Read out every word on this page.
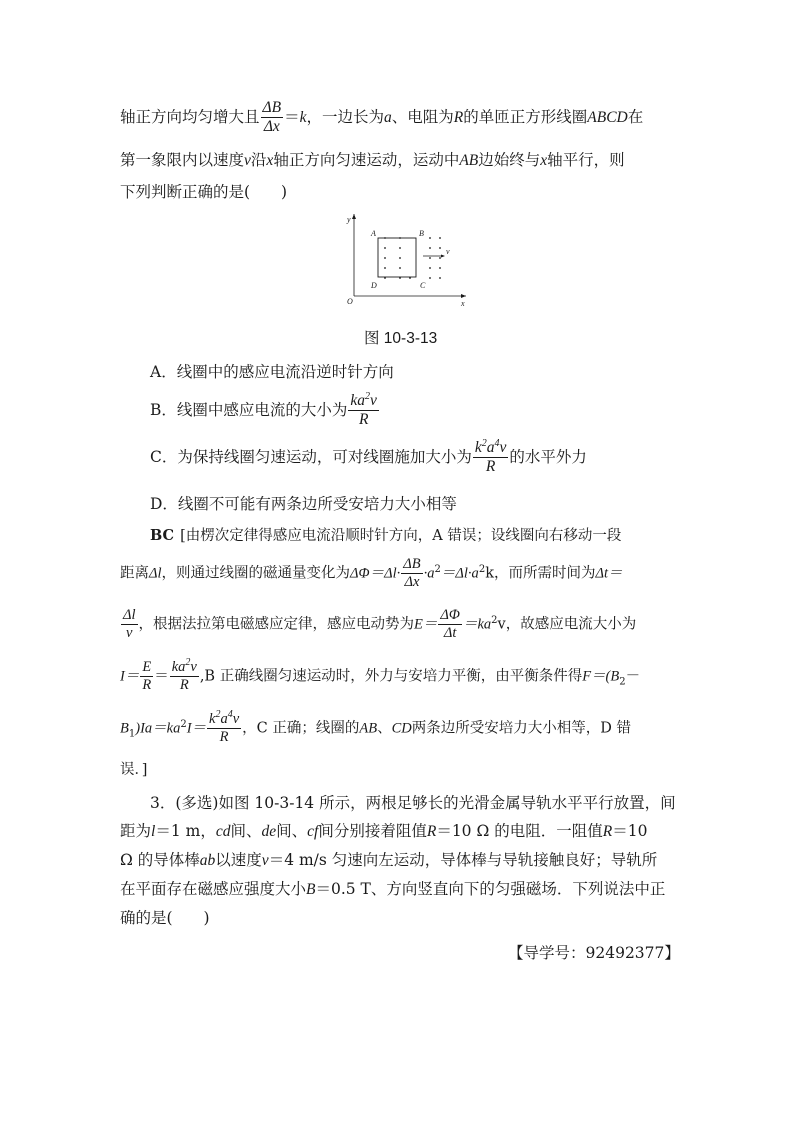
轴正方向均匀增大且 $\frac{\Delta B}{\Delta x} =k$，一边长为a、电阻为R的单匝正方形线圈ABCD在
第一象限内以速度v沿x轴正方向匀速运动，运动中AB边始终与x轴平行，则
下列判断正确的是(　　)
y
x
O
A	B
C
D
v
图 10-3-13
A．线圈中的感应电流沿逆时针方向
B．线圈中感应电流的大小为 $\frac{ka^2v}{R}$
C．为保持线圈匀速运动，可对线圈施加大小为 $\frac{k^2a^4v}{R}$ 的水平外力
D．线圈不可能有两条边所受安培力大小相等
BC [由楞次定律得感应电流沿顺时针方向，A 错误；设线圈向右移动一段
距离Δl，则通过线圈的磁通量变化为$\Delta\Phi=\Delta l\cdot \frac{\Delta B}{\Delta x} \cdot a^2=\Delta l\cdot a^2k$，而所需时间为Δt＝
$\frac{\Delta l}{v}$ ，根据法拉第电磁感应定律，感应电动势为$E= \frac{\Delta\Phi}{\Delta t} =ka^2v$，故感应电流大小为
$I= \frac{E}{R} = \frac{ka^2v}{R} ,B$ 正确线圈匀速运动时，外力与安培力平衡，由平衡条件得$F=(B_2-$
$B_1)Ia=ka^2I= \frac{k^2a^4v}{R}$ ，C 正确；线圈的AB、CD两条边所受安培力大小相等，D 错
误．]
3．(多选)如图 10-3-14 所示，两根足够长的光滑金属导轨水平平行放置，间
距为l＝1 m，cd间、de间、cf间分别接着阻值R＝10 Ω 的电阻．一阻值R＝10
Ω 的导体棒ab以速度v＝4 m/s 匀速向左运动，导体棒与导轨接触良好；导轨所
在平面存在磁感应强度大小B＝0.5 T、方向竖直向下的匀强磁场．下列说法中正
确的是(　　)
【导学号：92492377】
